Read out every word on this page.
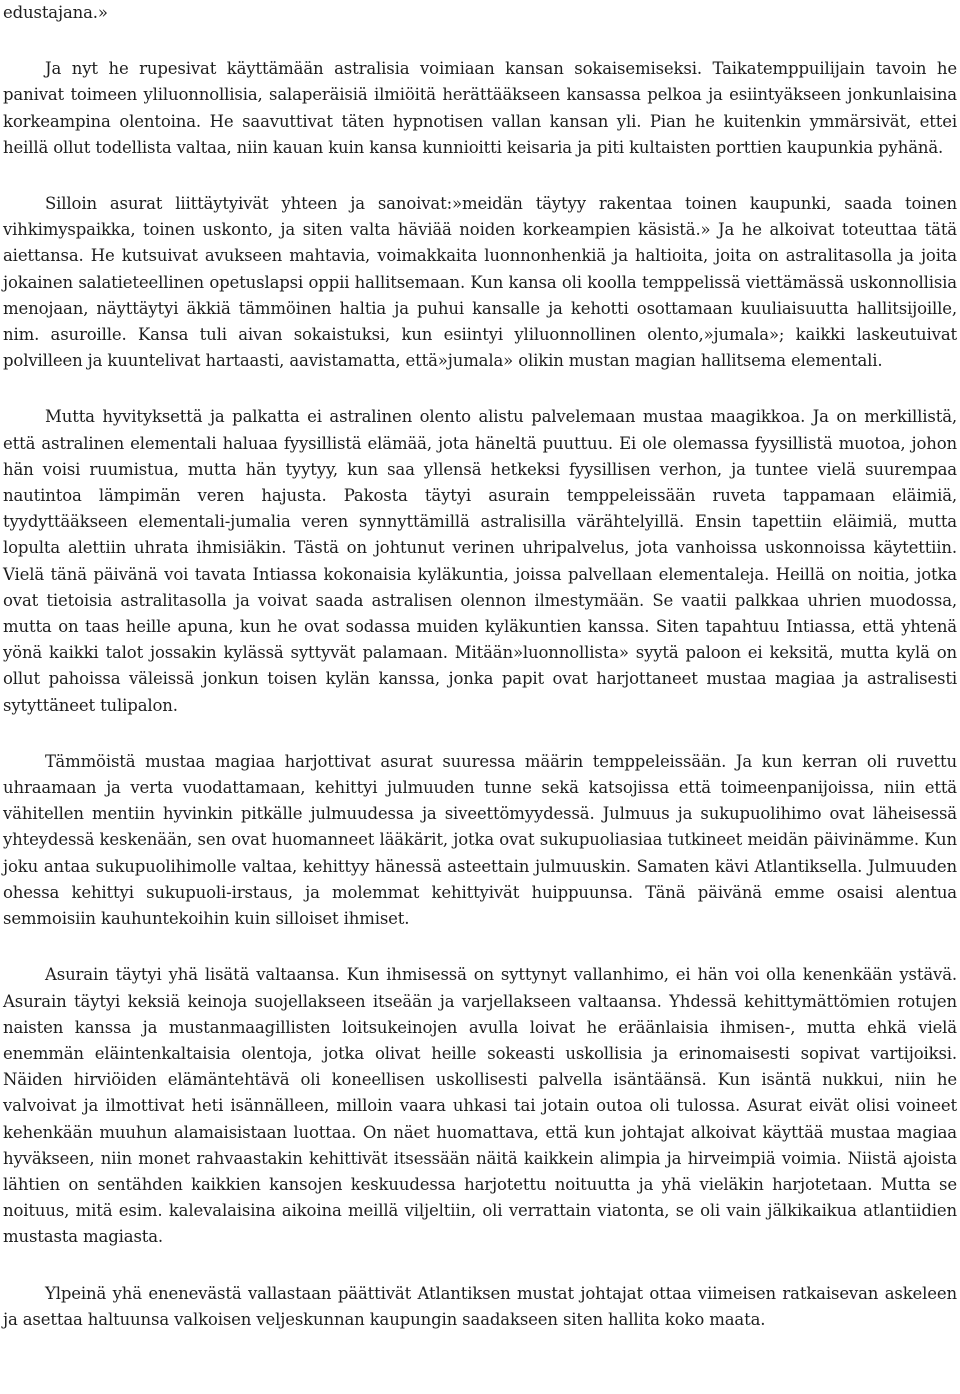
edustajana.»

Ja nyt he rupesivat käyttämään astralisia voimiaan kansan sokaisemiseksi. Taikatemppuilijain tavoin he panivat toimeen yliluonnollisia, salaperäisiä ilmiöitä herättääkseen kansassa pelkoa ja esiintyäkseen jonkunlaisina korkeampina olentoina. He saavuttivat täten hypnotisen vallan kansan yli. Pian he kuitenkin ymmärsivät, ettei heillä ollut todellista valtaa, niin kauan kuin kansa kunnioitti keisaria ja piti kultaisten porttien kaupunkia pyhänä.

Silloin asurat liittäytyivät yhteen ja sanoivat:»meidän täytyy rakentaa toinen kaupunki, saada toinen vihkimyspaikka, toinen uskonto, ja siten valta häviää noiden korkeampien käsistä.» Ja he alkoivat toteuttaa tätä aiettansa. He kutsuivat avukseen mahtavia, voimakkaita luonnonhenkiä ja haltioita, joita on astralitasolla ja joita jokainen salatieteellinen opetuslapsi oppii hallitsemaan. Kun kansa oli koolla temppelissä viettämässä uskonnollisia menojaan, näyttäytyi äkkiä tämmöinen haltia ja puhui kansalle ja kehotti osottamaan kuuliaisuutta hallitsijoille, nim. asuroille. Kansa tuli aivan sokaistuksi, kun esiintyi yliluonnollinen olento,»jumala»; kaikki laskeutuivat polvilleen ja kuuntelivat hartaasti, aavistamatta, että»jumala» olikin mustan magian hallitsema elementali.

Mutta hyvityksettä ja palkatta ei astralinen olento alistu palvelemaan mustaa maagikkoa. Ja on merkillistä, että astralinen elementali haluaa fyysillistä elämää, jota häneltä puuttuu. Ei ole olemassa fyysillistä muotoa, johon hän voisi ruumistua, mutta hän tyytyy, kun saa yllensä hetkeksi fyysillisen verhon, ja tuntee vielä suurempaa nautintoa lämpimän veren hajusta. Pakosta täytyi asurain temppeleissään ruveta tappamaan eläimiä, tyydyttääkseen elementali-jumalia veren synnyttämillä astralisilla värähtelyillä. Ensin tapettiin eläimiä, mutta lopulta alettiin uhrata ihmisiäkin. Tästä on johtunut verinen uhripalvelus, jota vanhoissa uskonnoissa käytettiin. Vielä tänä päivänä voi tavata Intiassa kokonaisia kyläkuntia, joissa palvellaan elementaleja. Heillä on noitia, jotka ovat tietoisia astralitasolla ja voivat saada astralisen olennon ilmestymään. Se vaatii palkkaa uhrien muodossa, mutta on taas heille apuna, kun he ovat sodassa muiden kyläkuntien kanssa. Siten tapahtuu Intiassa, että yhtenä yönä kaikki talot jossakin kylässä syttyvät palamaan. Mitään»luonnollista» syytä paloon ei keksitä, mutta kylä on ollut pahoissa väleissä jonkun toisen kylän kanssa, jonka papit ovat harjottaneet mustaa magiaa ja astralisesti sytyttäneet tulipalon.

Tämmöistä mustaa magiaa harjottivat asurat suuressa määrin temppeleissään. Ja kun kerran oli ruvettu uhraamaan ja verta vuodattamaan, kehittyi julmuuden tunne sekä katsojissa että toimeenpanijoissa, niin että vähitellen mentiin hyvinkin pitkälle julmuudessa ja siveettömyydessä. Julmuus ja sukupuolihimo ovat läheisessä yhteydessä keskenään, sen ovat huomanneet lääkärit, jotka ovat sukupuoliasiaa tutkineet meidän päivinämme. Kun joku antaa sukupuolihimolle valtaa, kehittyy hänessä asteettain julmuuskin. Samaten kävi Atlantiksella. Julmuuden ohessa kehittyi sukupuoli-irstaus, ja molemmat kehittyivät huippuunsa. Tänä päivänä emme osaisi alentua semmoisiin kauhuntekoihin kuin silloiset ihmiset.

Asurain täytyi yhä lisätä valtaansa. Kun ihmisessä on syttynyt vallanhimo, ei hän voi olla kenenkään ystävä. Asurain täytyi keksiä keinoja suojellakseen itseään ja varjellakseen valtaansa. Yhdessä kehittymättömien rotujen naisten kanssa ja mustanmaagillisten loitsukeinojen avulla loivat he eräänlaisia ihmisen-, mutta ehkä vielä enemmän eläintenkaltaisia olentoja, jotka olivat heille sokeasti uskollisia ja erinomaisesti sopivat vartijoiksi. Näiden hirviöiden elämäntehtävä oli koneellisen uskollisesti palvella isäntäänsä. Kun isäntä nukkui, niin he valvoivat ja ilmottivat heti isännälleen, milloin vaara uhkasi tai jotain outoa oli tulossa. Asurat eivät olisi voineet kehenkään muuhun alamaisistaan luottaa. On näet huomattava, että kun johtajat alkoivat käyttää mustaa magiaa hyväkseen, niin monet rahvaastakin kehittivät itsessään näitä kaikkein alimpia ja hirveimpiä voimia. Niistä ajoista lähtien on sentähden kaikkien kansojen keskuudessa harjotettu noituutta ja yhä vieläkin harjotetaan. Mutta se noituus, mitä esim. kalevalaisina aikoina meillä viljeltiin, oli verrattain viatonta, se oli vain jälkikaikua atlantiidien mustasta magiasta.

Ylpeinä yhä enenevästä vallastaan päättivät Atlantiksen mustat johtajat ottaa viimeisen ratkaisevan askeleen ja asettaa haltuunsa valkoisen veljeskunnan kaupungin saadakseen siten hallita koko maata.
